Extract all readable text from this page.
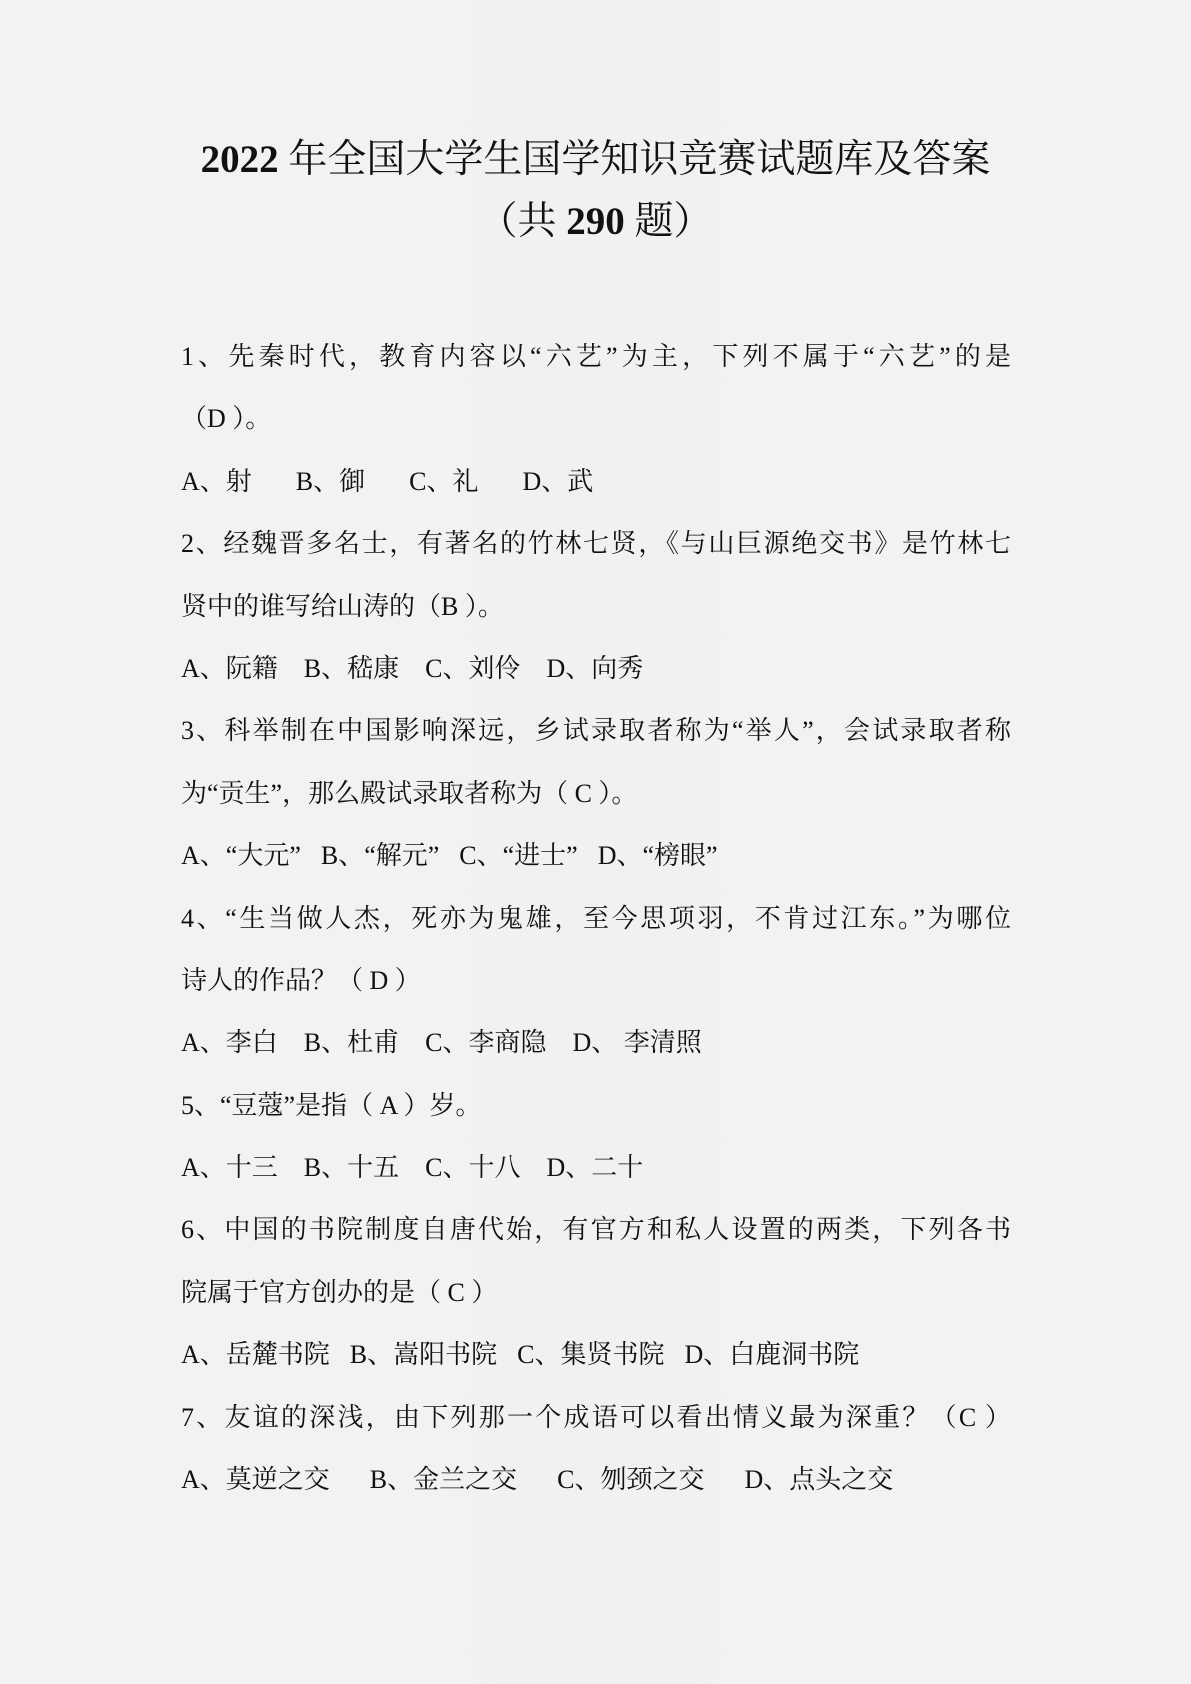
2022 年全国大学生国学知识竞赛试题库及答案
（共 290 题）
1、先秦时代，教育内容以“六艺”为主，下列不属于“六艺”的是
（D ）。
A、射 B、御 C、礼 D、武
2、经魏晋多名士，有著名的竹林七贤，《与山巨源绝交书》是竹林七
贤中的谁写给山涛的（B ）。
A、阮籍 B、嵇康 C、刘伶 D、向秀
3、科举制在中国影响深远，乡试录取者称为“举人”，会试录取者称
为“贡生”，那么殿试录取者称为（ C ）。
A、“大元” B、“解元” C、“进士” D、“榜眼”
4、“生当做人杰，死亦为鬼雄，至今思项羽，不肯过江东。”为哪位
诗人的作品？（ D ）
A、李白 B、杜甫 C、李商隐 D、 李清照
5、“豆蔻”是指（ A ）岁。
A、十三 B、十五 C、十八 D、二十
6、中国的书院制度自唐代始，有官方和私人设置的两类，下列各书
院属于官方创办的是（ C ）
A、岳麓书院 B、嵩阳书院 C、集贤书院 D、白鹿洞书院
7、友谊的深浅，由下列那一个成语可以看出情义最为深重？（C ）
A、莫逆之交 B、金兰之交 C、刎颈之交 D、点头之交
